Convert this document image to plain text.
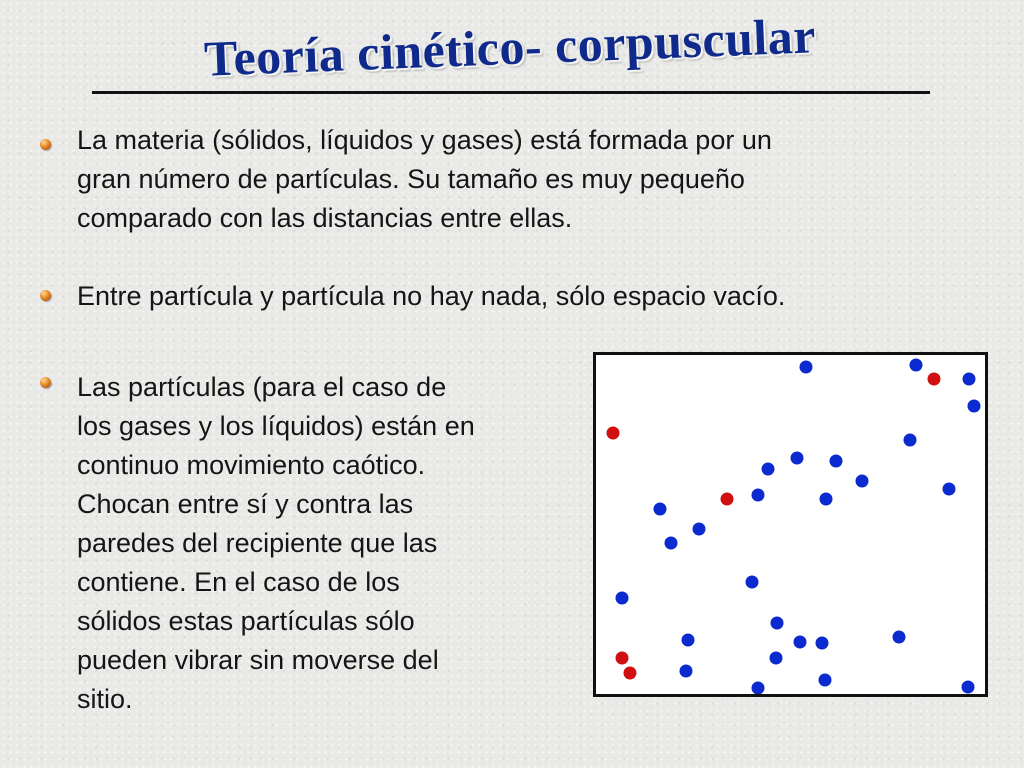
Teoría cinético- corpuscular
La materia (sólidos, líquidos y gases) está formada por un
gran número de partículas. Su tamaño es muy pequeño
comparado con las distancias entre ellas.
Entre partícula y partícula no hay nada, sólo espacio vacío.
Las partículas (para el caso de
los gases y los líquidos) están en
continuo movimiento caótico.
Chocan entre sí y contra las
paredes del recipiente que las
contiene. En el caso de los
sólidos estas partículas sólo
pueden vibrar sin moverse del
sitio.
